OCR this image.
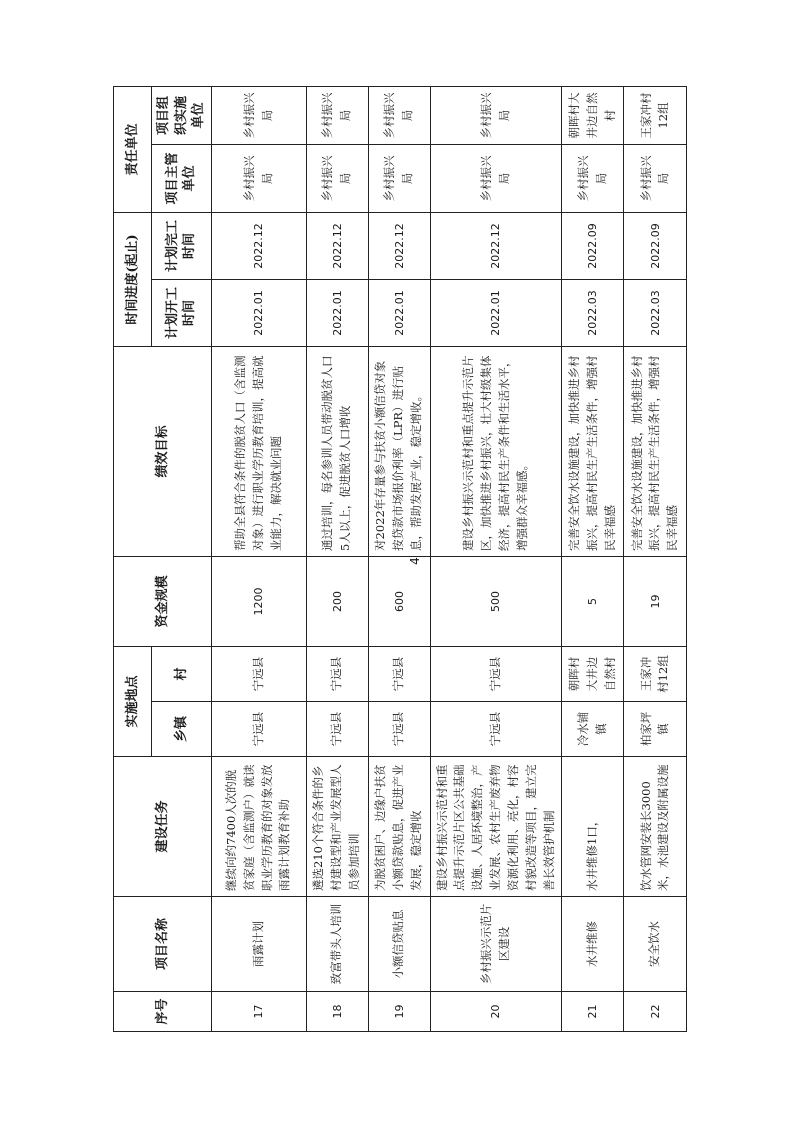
序号	项目名称	建设任务	实施地点		资金规模	绩效目标	时间进度(起止)		责任单位	
			乡镇	村			计划开工时间	计划完工时间	项目主管单位	项目组织实施单位
17	雨露计划	继续向约7400人次的脱贫家庭（含监测户）就读职业学历教育的对象发放雨露计划教育补助	宁远县	宁远县	1200	帮助全县符合条件的脱贫人口（含监测对象）进行职业学历教育培训，提高就业能力，解决就业问题	2022.01	2022.12	乡村振兴局	乡村振兴局
18	致富带头人培训	遴选210个符合条件的乡村建设型和产业发展型人员参加培训	宁远县	宁远县	200	通过培训，每名参训人员带动脱贫人口5人以上，促进脱贫人口增收	2022.01	2022.12	乡村振兴局	乡村振兴局
19	小额信贷贴息	为脱贫困户、边缘户扶贫小额贷款贴息，促进产业发展，稳定增收	宁远县	宁远县	600	对2022年存量参与扶贫小额信贷对象按贷款市场报价利率（LPR）进行贴息，帮助发展产业，稳定增收。	2022.01	2022.12	乡村振兴局	乡村振兴局
20	乡村振兴示范片区建设	建设乡村振兴示范村和重点提升示范片区公共基础设施、人居环境整治，产业发展、农村生产废弃物资源化利用、亮化，村容村貌改造等项目，建立完善长效管护机制	宁远县	宁远县	500	建设乡村振兴示范村和重点提升示范片区，加快推进乡村振兴，壮大村级集体经济，提高村民生产条件和生活水平，增强群众幸福感。	2022.01	2022.12	乡村振兴局	乡村振兴局
21	水井维修	水井维修1口，	冷水铺镇	朝晖村大井边自然村	5	完善安全饮水设施建设，加快推进乡村振兴，提高村民生产生活条件，增强村民幸福感	2022.03	2022.09	乡村振兴局	朝晖村大井边自然村
22	安全饮水	饮水管网安装长3000米，水池建设及附属设施	柏家坪镇	王家冲村12组	19	完善安全饮水设施建设，加快推进乡村振兴，提高村民生产生活条件，增强村民幸福感	2022.03	2022.09	乡村振兴局	王家冲村12组
4
